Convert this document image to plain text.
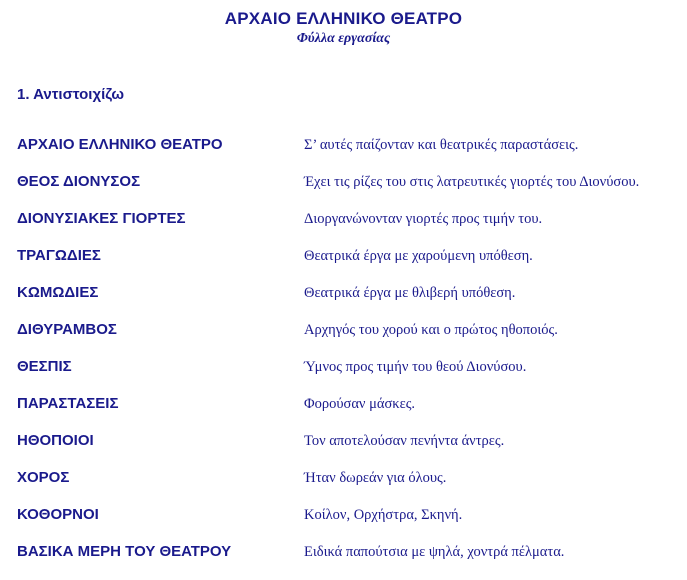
ΑΡΧΑΙΟ ΕΛΛΗΝΙΚΟ ΘΕΑΤΡΟ

Φύλλα εργασίας

1. Αντιστοιχίζω
ΑΡΧΑΙΟ ΕΛΛΗΝΙΚΟ ΘΕΑΤΡΟ	Σ’ αυτές παίζονταν και θεατρικές παραστάσεις.
ΘΕΟΣ ΔΙΟΝΥΣΟΣ	Έχει τις ρίζες του στις λατρευτικές γιορτές του Διονύσου.
ΔΙΟΝΥΣΙΑΚΕΣ ΓΙΟΡΤΕΣ	Διοργανώνονταν γιορτές προς τιμήν του.
ΤΡΑΓΩΔΙΕΣ	Θεατρικά έργα με χαρούμενη υπόθεση.
ΚΩΜΩΔΙΕΣ	Θεατρικά έργα με θλιβερή υπόθεση.
ΔΙΘΥΡΑΜΒΟΣ	Αρχηγός του χορού και ο πρώτος ηθοποιός.
ΘΕΣΠΙΣ	Ύμνος προς τιμήν του θεού Διονύσου.
ΠΑΡΑΣΤΑΣΕΙΣ	Φορούσαν μάσκες.
ΗΘΟΠΟΙΟΙ	Τον αποτελούσαν πενήντα άντρες.
ΧΟΡΟΣ	Ήταν δωρεάν για όλους.
ΚΟΘΟΡΝΟΙ	Κοίλον, Ορχήστρα, Σκηνή.
ΒΑΣΙΚΑ ΜΕΡΗ ΤΟΥ ΘΕΑΤΡΟΥ	Ειδικά παπούτσια με ψηλά, χοντρά πέλματα.
